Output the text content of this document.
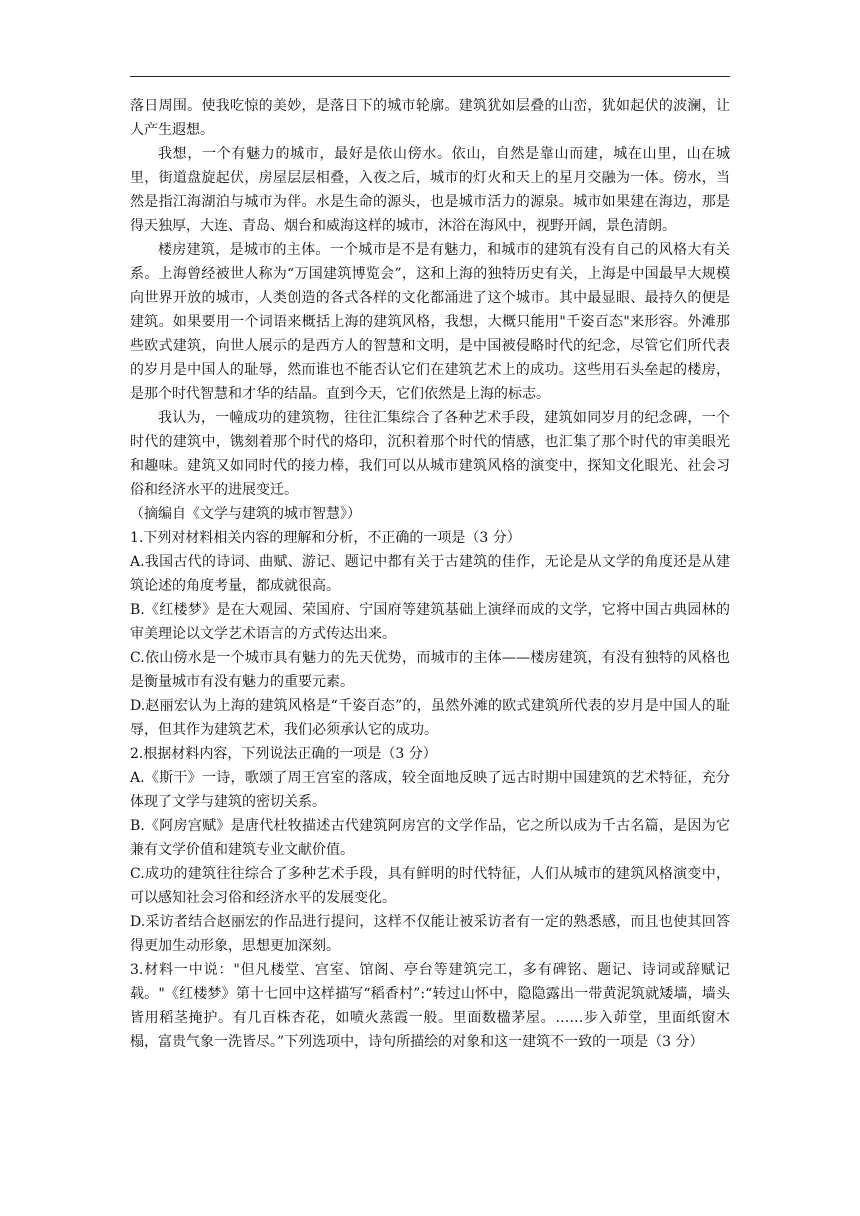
落日周围。使我吃惊的美妙，是落日下的城市轮廓。建筑犹如层叠的山峦，犹如起伏的波澜，让人产生遐想。

我想，一个有魅力的城市，最好是依山傍水。依山，自然是靠山而建，城在山里，山在城里，街道盘旋起伏，房屋层层相叠，入夜之后，城市的灯火和天上的星月交融为一体。傍水，当然是指江海湖泊与城市为伴。水是生命的源头，也是城市活力的源泉。城市如果建在海边，那是得天独厚，大连、青岛、烟台和威海这样的城市，沐浴在海风中，视野开阔，景色清朗。

楼房建筑，是城市的主体。一个城市是不是有魅力，和城市的建筑有没有自己的风格大有关系。上海曾经被世人称为“万国建筑博览会”，这和上海的独特历史有关，上海是中国最早大规模向世界开放的城市，人类创造的各式各样的文化都涌进了这个城市。其中最显眼、最持久的便是建筑。如果要用一个词语来概括上海的建筑风格，我想，大概只能用"千姿百态"来形容。外滩那些欧式建筑，向世人展示的是西方人的智慧和文明，是中国被侵略时代的纪念，尽管它们所代表的岁月是中国人的耻辱，然而谁也不能否认它们在建筑艺术上的成功。这些用石头垒起的楼房，是那个时代智慧和才华的结晶。直到今天，它们依然是上海的标志。

我认为，一幢成功的建筑物，往往汇集综合了各种艺术手段，建筑如同岁月的纪念碑，一个时代的建筑中，镌刻着那个时代的烙印，沉积着那个时代的情感，也汇集了那个时代的审美眼光和趣味。建筑又如同时代的接力棒，我们可以从城市建筑风格的演变中，探知文化眼光、社会习俗和经济水平的进展变迁。

（摘编自《文学与建筑的城市智慧》）

1.下列对材料相关内容的理解和分析，不正确的一项是（3 分）

A.我国古代的诗词、曲赋、游记、题记中都有关于古建筑的佳作，无论是从文学的角度还是从建筑论述的角度考量，都成就很高。

B.《红楼梦》是在大观园、荣国府、宁国府等建筑基础上演绎而成的文学，它将中国古典园林的审美理论以文学艺术语言的方式传达出来。

C.依山傍水是一个城市具有魅力的先天优势，而城市的主体——楼房建筑，有没有独特的风格也是衡量城市有没有魅力的重要元素。

D.赵丽宏认为上海的建筑风格是“千姿百态”的，虽然外滩的欧式建筑所代表的岁月是中国人的耻辱，但其作为建筑艺术，我们必须承认它的成功。

2.根据材料内容，下列说法正确的一项是（3 分）

A.《斯干》一诗，歌颂了周王宫室的落成，较全面地反映了远古时期中国建筑的艺术特征，充分体现了文学与建筑的密切关系。

B.《阿房宫赋》是唐代杜牧描述古代建筑阿房宫的文学作品，它之所以成为千古名篇，是因为它兼有文学价值和建筑专业文献价值。

C.成功的建筑往往综合了多种艺术手段，具有鲜明的时代特征，人们从城市的建筑风格演变中，可以感知社会习俗和经济水平的发展变化。

D.采访者结合赵丽宏的作品进行提问，这样不仅能让被采访者有一定的熟悉感，而且也使其回答得更加生动形象，思想更加深刻。

3.材料一中说："但凡楼堂、宫室、馆阁、亭台等建筑完工，多有碑铭、题记、诗词或辞赋记载。"《红楼梦》第十七回中这样描写“稻香村”:“转过山怀中，隐隐露出一带黄泥筑就矮墙，墙头皆用稻茎掩护。有几百株杏花，如喷火蒸霞一般。里面数楹茅屋。……步入茆堂，里面纸窗木榻，富贵气象一洗皆尽。”下列选项中，诗句所描绘的对象和这一建筑不一致的一项是（3 分）
